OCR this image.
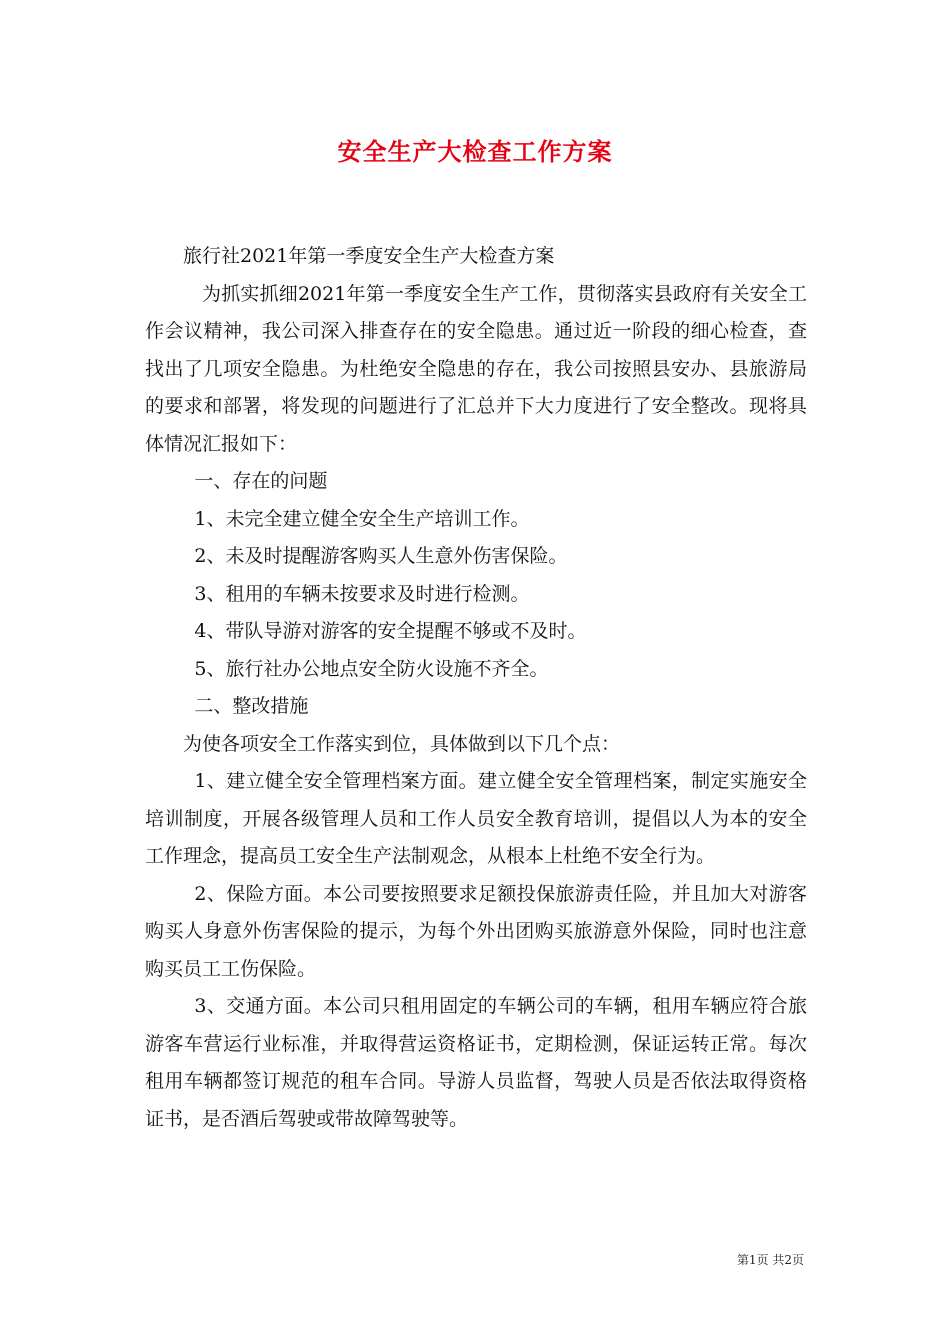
安全生产大检查工作方案

旅行社2021年第一季度安全生产大检查方案

为抓实抓细2021年第一季度安全生产工作，贯彻落实县政府有关安全工作会议精神，我公司深入排查存在的安全隐患。通过近一阶段的细心检查，查找出了几项安全隐患。为杜绝安全隐患的存在，我公司按照县安办、县旅游局的要求和部署，将发现的问题进行了汇总并下大力度进行了安全整改。现将具体情况汇报如下：

一、存在的问题

1、未完全建立健全安全生产培训工作。

2、未及时提醒游客购买人生意外伤害保险。

3、租用的车辆未按要求及时进行检测。

4、带队导游对游客的安全提醒不够或不及时。

5、旅行社办公地点安全防火设施不齐全。

二、整改措施

为使各项安全工作落实到位，具体做到以下几个点：

1、建立健全安全管理档案方面。建立健全安全管理档案，制定实施安全培训制度，开展各级管理人员和工作人员安全教育培训，提倡以人为本的安全工作理念，提高员工安全生产法制观念，从根本上杜绝不安全行为。

2、保险方面。本公司要按照要求足额投保旅游责任险，并且加大对游客购买人身意外伤害保险的提示，为每个外出团购买旅游意外保险，同时也注意购买员工工伤保险。

3、交通方面。本公司只租用固定的车辆公司的车辆，租用车辆应符合旅游客车营运行业标准，并取得营运资格证书，定期检测，保证运转正常。每次租用车辆都签订规范的租车合同。导游人员监督，驾驶人员是否依法取得资格证书，是否酒后驾驶或带故障驾驶等。

第1页 共2页
